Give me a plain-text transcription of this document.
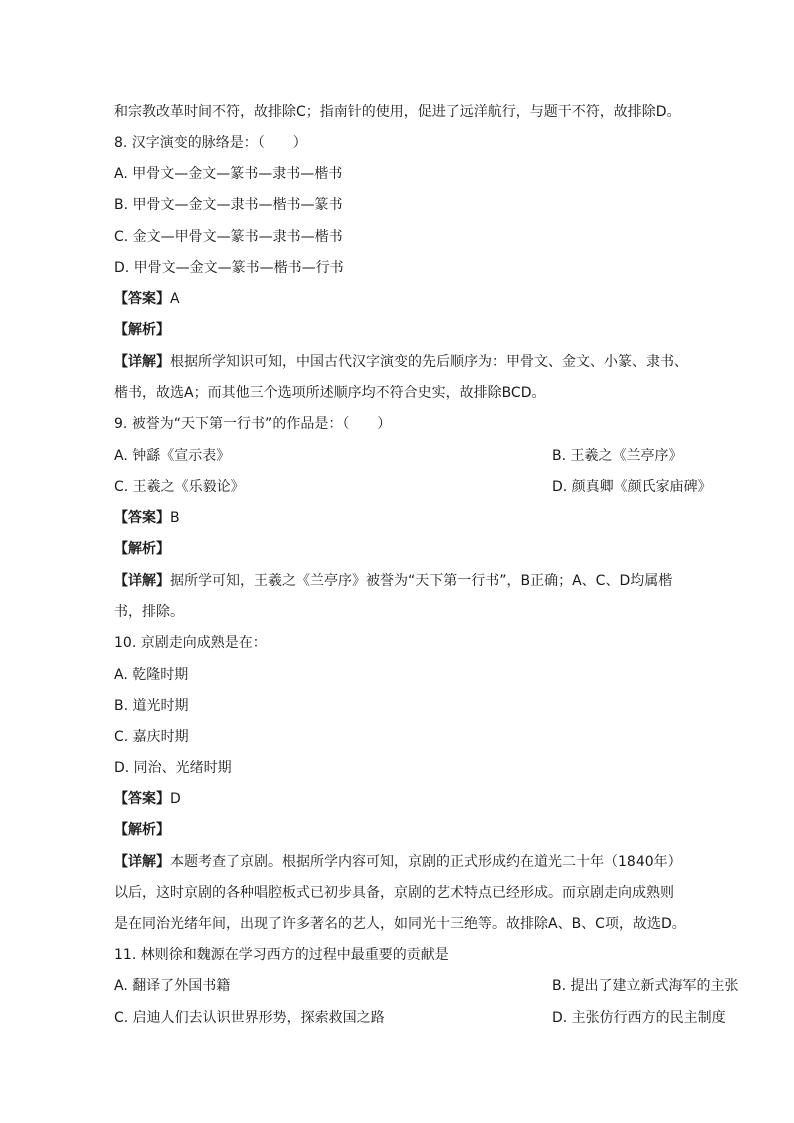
和宗教改革时间不符，故排除C；指南针的使用，促进了远洋航行，与题干不符，故排除D。
8. 汉字演变的脉络是：（　　）
A. 甲骨文—金文—篆书—隶书—楷书
B. 甲骨文—金文—隶书—楷书—篆书
C. 金文—甲骨文—篆书—隶书—楷书
D. 甲骨文—金文—篆书—楷书—行书
【答案】A
【解析】
【详解】根据所学知识可知，中国古代汉字演变的先后顺序为：甲骨文、金文、小篆、隶书、
楷书，故选A；而其他三个选项所述顺序均不符合史实，故排除BCD。
9. 被誉为“天下第一行书”的作品是：（　　）
A. 钟繇《宣示表》	B. 王羲之《兰亭序》
C. 王羲之《乐毅论》	D. 颜真卿《颜氏家庙碑》
【答案】B
【解析】
【详解】据所学可知，王羲之《兰亭序》被誉为“天下第一行书”，B正确；A、C、D均属楷
书，排除。
10. 京剧走向成熟是在：
A. 乾隆时期
B. 道光时期
C. 嘉庆时期
D. 同治、光绪时期
【答案】D
【解析】
【详解】本题考查了京剧。根据所学内容可知，京剧的正式形成约在道光二十年（1840年）
以后，这时京剧的各种唱腔板式已初步具备，京剧的艺术特点已经形成。而京剧走向成熟则
是在同治光绪年间，出现了许多著名的艺人，如同光十三绝等。故排除A、B、C项，故选D。
11. 林则徐和魏源在学习西方的过程中最重要的贡献是
A. 翻译了外国书籍	B. 提出了建立新式海军的主张
C. 启迪人们去认识世界形势，探索救国之路	D. 主张仿行西方的民主制度
